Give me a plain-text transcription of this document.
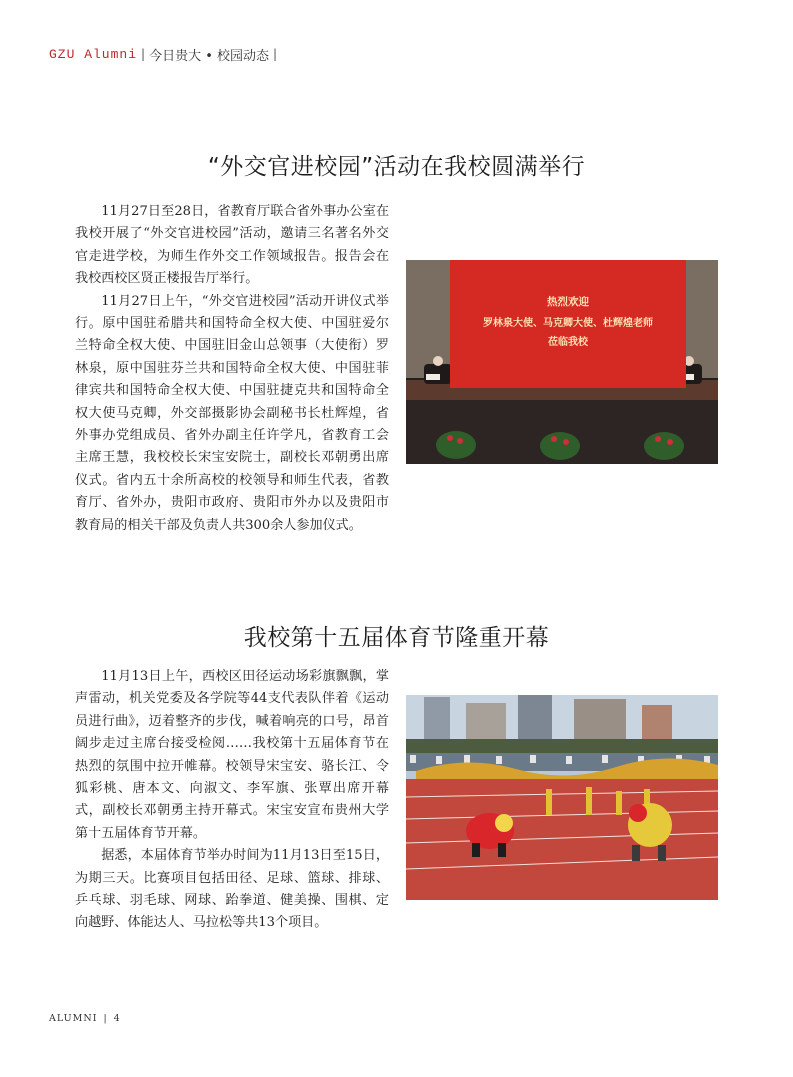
GZU Alumni | 今日贵大 • 校园动态 |
“外交官进校园”活动在我校圆满举行

11月27日至28日，省教育厅联合省外事办公室在我校开展了“外交官进校园”活动，邀请三名著名外交官走进学校，为师生作外交工作领域报告。报告会在我校西校区贤正楼报告厅举行。

11月27日上午，“外交官进校园”活动开讲仪式举行。原中国驻希腊共和国特命全权大使、中国驻爱尔兰特命全权大使、中国驻旧金山总领事（大使衔）罗林泉，原中国驻芬兰共和国特命全权大使、中国驻菲律宾共和国特命全权大使、中国驻捷克共和国特命全权大使马克卿，外交部摄影协会副秘书长杜辉煌，省外事办党组成员、省外办副主任许学凡，省教育工会主席王慧，我校校长宋宝安院士，副校长邓朝勇出席仪式。省内五十余所高校的校领导和师生代表，省教育厅、省外办，贵阳市政府、贵阳市外办以及贵阳市教育局的相关干部及负责人共300余人参加仪式。

热烈欢迎
罗林泉大使、马克卿大使、杜辉煌老师
莅临我校
我校第十五届体育节隆重开幕

11月13日上午，西校区田径运动场彩旗飘飘，掌声雷动，机关党委及各学院等44支代表队伴着《运动员进行曲》，迈着整齐的步伐，喊着响亮的口号，昂首阔步走过主席台接受检阅……我校第十五届体育节在热烈的氛围中拉开帷幕。校领导宋宝安、骆长江、令狐彩桃、唐本文、向淑文、李军旗、张覃出席开幕式，副校长邓朝勇主持开幕式。宋宝安宣布贵州大学第十五届体育节开幕。

据悉，本届体育节举办时间为11月13日至15日，为期三天。比赛项目包括田径、足球、篮球、排球、乒乓球、羽毛球、网球、跆拳道、健美操、围棋、定向越野、体能达人、马拉松等共13个项目。

ALUMNI | 4
